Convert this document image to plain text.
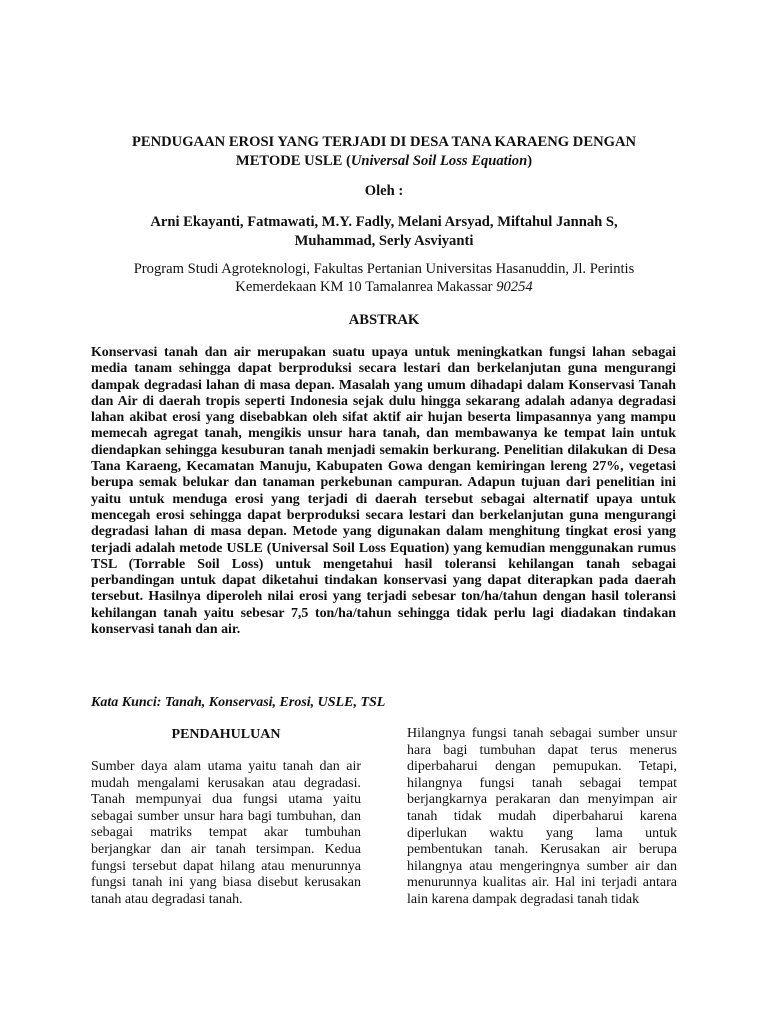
PENDUGAAN EROSI YANG TERJADI DI DESA TANA KARAENG DENGAN
METODE USLE (Universal Soil Loss Equation)
Oleh :
Arni Ekayanti, Fatmawati, M.Y. Fadly, Melani Arsyad, Miftahul Jannah S,
Muhammad, Serly Asviyanti
Program Studi Agroteknologi, Fakultas Pertanian Universitas Hasanuddin, Jl. Perintis
Kemerdekaan KM 10 Tamalanrea Makassar 90254
ABSTRAK

Konservasi tanah dan air merupakan suatu upaya untuk meningkatkan fungsi lahan sebagai media tanam sehingga dapat berproduksi secara lestari dan berkelanjutan guna mengurangi dampak degradasi lahan di masa depan. Masalah yang umum dihadapi dalam Konservasi Tanah dan Air di daerah tropis seperti Indonesia sejak dulu hingga sekarang adalah adanya degradasi lahan akibat erosi yang disebabkan oleh sifat aktif air hujan beserta limpasannya yang mampu memecah agregat tanah, mengikis unsur hara tanah, dan membawanya ke tempat lain untuk diendapkan sehingga kesuburan tanah menjadi semakin berkurang. Penelitian dilakukan di Desa Tana Karaeng, Kecamatan Manuju, Kabupaten Gowa dengan kemiringan lereng 27%, vegetasi berupa semak belukar dan tanaman perkebunan campuran. Adapun tujuan dari penelitian ini yaitu untuk menduga erosi yang terjadi di daerah tersebut sebagai alternatif upaya untuk mencegah erosi sehingga dapat berproduksi secara lestari dan berkelanjutan guna mengurangi degradasi lahan di masa depan. Metode yang digunakan dalam menghitung tingkat erosi yang terjadi adalah metode USLE (Universal Soil Loss Equation) yang kemudian menggunakan rumus TSL (Torrable Soil Loss) untuk mengetahui hasil toleransi kehilangan tanah sebagai perbandingan untuk dapat diketahui tindakan konservasi yang dapat diterapkan pada daerah tersebut. Hasilnya diperoleh nilai erosi yang terjadi sebesar ton/ha/tahun dengan hasil toleransi kehilangan tanah yaitu sebesar 7,5 ton/ha/tahun sehingga tidak perlu lagi diadakan tindakan konservasi tanah dan air.

Kata Kunci: Tanah, Konservasi, Erosi, USLE, TSL

PENDAHULUAN

Sumber daya alam utama yaitu tanah dan air mudah mengalami kerusakan atau degradasi. Tanah mempunyai dua fungsi utama yaitu sebagai sumber unsur hara bagi tumbuhan, dan sebagai matriks tempat akar tumbuhan berjangkar dan air tanah tersimpan. Kedua fungsi tersebut dapat hilang atau menurunnya fungsi tanah ini yang biasa disebut kerusakan tanah atau degradasi tanah.

Hilangnya fungsi tanah sebagai sumber unsur hara bagi tumbuhan dapat terus menerus diperbaharui dengan pemupukan. Tetapi, hilangnya fungsi tanah sebagai tempat berjangkarnya perakaran dan menyimpan air tanah tidak mudah diperbaharui karena diperlukan waktu yang lama untuk pembentukan tanah. Kerusakan air berupa hilangnya atau mengeringnya sumber air dan menurunnya kualitas air. Hal ini terjadi antara lain karena dampak degradasi tanah tidak
